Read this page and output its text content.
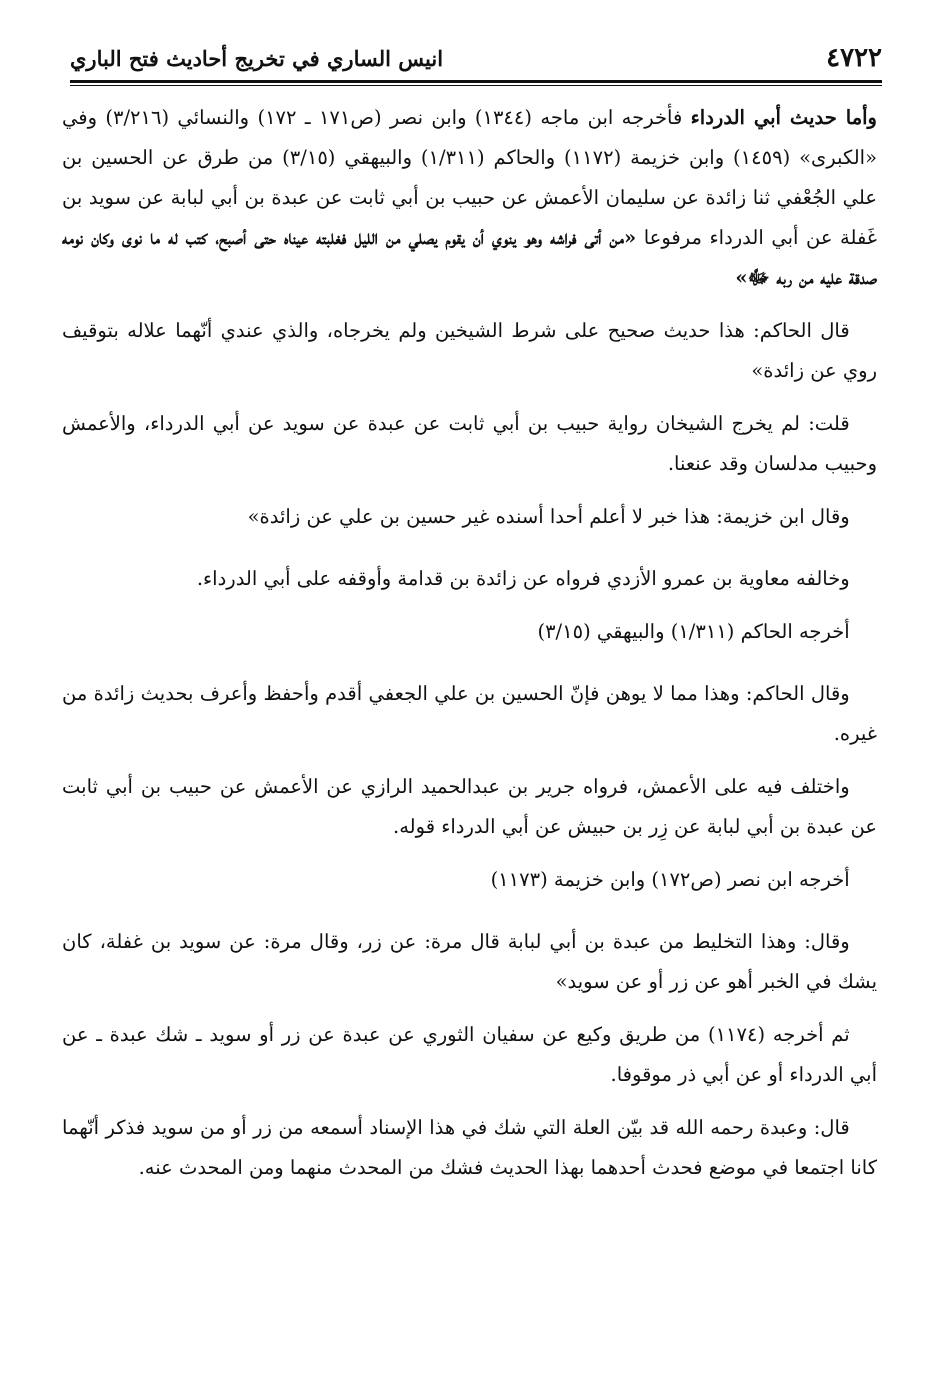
٤٧٢٢
انيس الساري في تخريج أحاديث فتح الباري

وأما حديث أبي الدرداء فأخرجه ابن ماجه (١٣٤٤) وابن نصر (ص١٧١ ـ ١٧٢) والنسائي (٣/٢١٦) وفي «الكبرى» (١٤٥٩) وابن خزيمة (١١٧٢) والحاكم (١/٣١١) والبيهقي (٣/١٥) من طرق عن الحسين بن علي الجُعْفي ثنا زائدة عن سليمان الأعمش عن حبيب بن أبي ثابت عن عبدة بن أبي لبابة عن سويد بن غَفلة عن أبي الدرداء مرفوعا «من أتى فراشه وهو ينوي أن يقوم يصلي من الليل فغلبته عيناه حتى أصبح، كتب له ما نوى وكان نومه صدقة عليه من ربه ﷻ»

قال الحاكم: هذا حديث صحيح على شرط الشيخين ولم يخرجاه، والذي عندي أنّهما علاله بتوقيف روي عن زائدة»

قلت: لم يخرج الشيخان رواية حبيب بن أبي ثابت عن عبدة عن سويد عن أبي الدرداء، والأعمش وحبيب مدلسان وقد عنعنا.

وقال ابن خزيمة: هذا خبر لا أعلم أحدا أسنده غير حسين بن علي عن زائدة»

وخالفه معاوية بن عمرو الأزدي فرواه عن زائدة بن قدامة وأوقفه على أبي الدرداء.

أخرجه الحاكم (١/٣١١) والبيهقي (٣/١٥)

وقال الحاكم: وهذا مما لا يوهن فإنّ الحسين بن علي الجعفي أقدم وأحفظ وأعرف بحديث زائدة من غيره.

واختلف فيه على الأعمش، فرواه جرير بن عبدالحميد الرازي عن الأعمش عن حبيب بن أبي ثابت عن عبدة بن أبي لبابة عن زِر بن حبيش عن أبي الدرداء قوله.

أخرجه ابن نصر (ص١٧٢) وابن خزيمة (١١٧٣)

وقال: وهذا التخليط من عبدة بن أبي لبابة قال مرة: عن زر، وقال مرة: عن سويد بن غفلة، كان يشك في الخبر أهو عن زر أو عن سويد»

ثم أخرجه (١١٧٤) من طريق وكيع عن سفيان الثوري عن عبدة عن زر أو سويد ـ شك عبدة ـ عن أبي الدرداء أو عن أبي ذر موقوفا.

قال: وعبدة رحمه الله قد بيّن العلة التي شك في هذا الإسناد أسمعه من زر أو من سويد فذكر أنّهما كانا اجتمعا في موضع فحدث أحدهما بهذا الحديث فشك من المحدث منهما ومن المحدث عنه.
